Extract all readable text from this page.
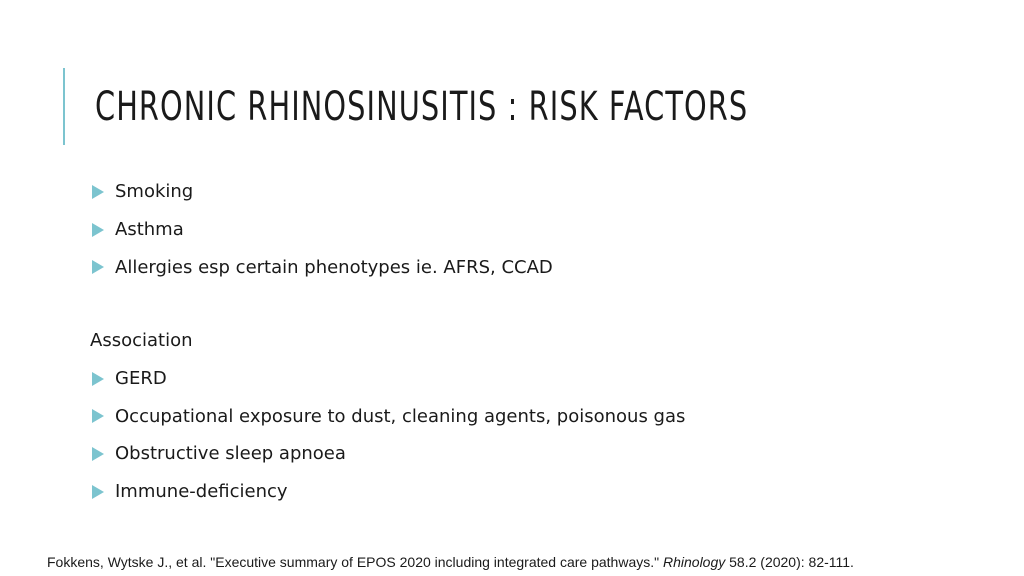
CHRONIC RHINOSINUSITIS : RISK FACTORS
Smoking
Asthma
Allergies esp certain phenotypes ie. AFRS, CCAD
Association
GERD
Occupational exposure to dust, cleaning agents, poisonous gas
Obstructive sleep apnoea
Immune-deficiency
Fokkens, Wytske J., et al. "Executive summary of EPOS 2020 including integrated care pathways." Rhinology 58.2 (2020): 82-111.
